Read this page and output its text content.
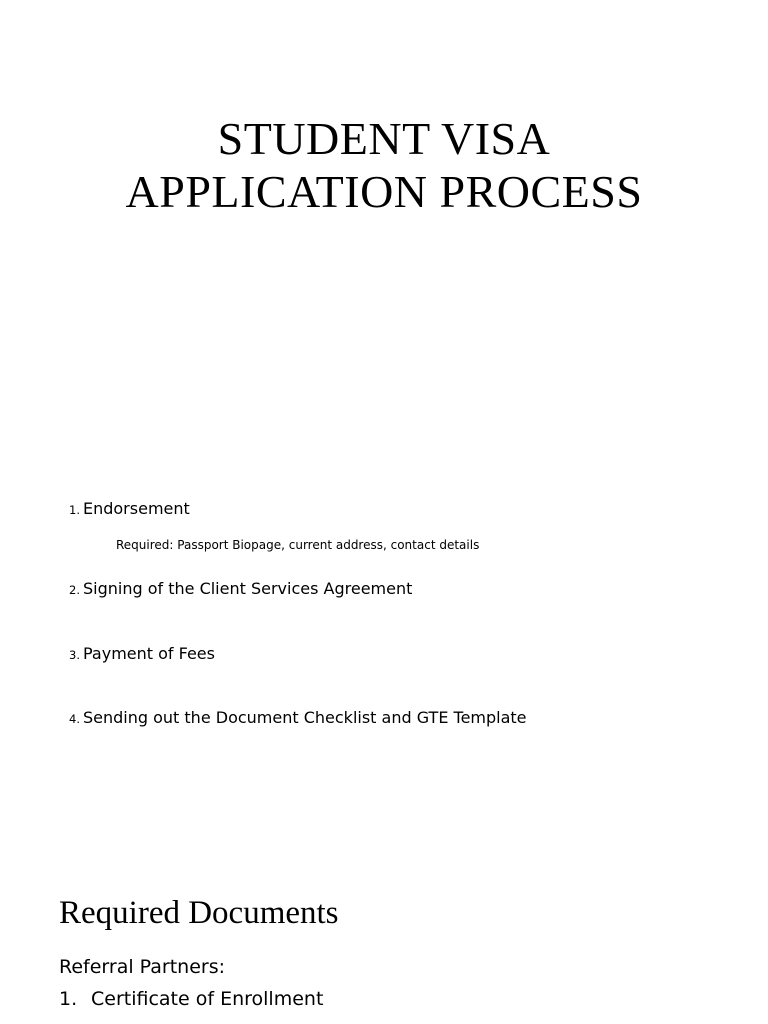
STUDENT VISA
APPLICATION PROCESS
1. Endorsement
Required: Passport Biopage, current address, contact details
2. Signing of the Client Services Agreement
3. Payment of Fees
4. Sending out the Document Checklist and GTE Template
Required Documents
Referral Partners:
1. Certificate of Enrollment
